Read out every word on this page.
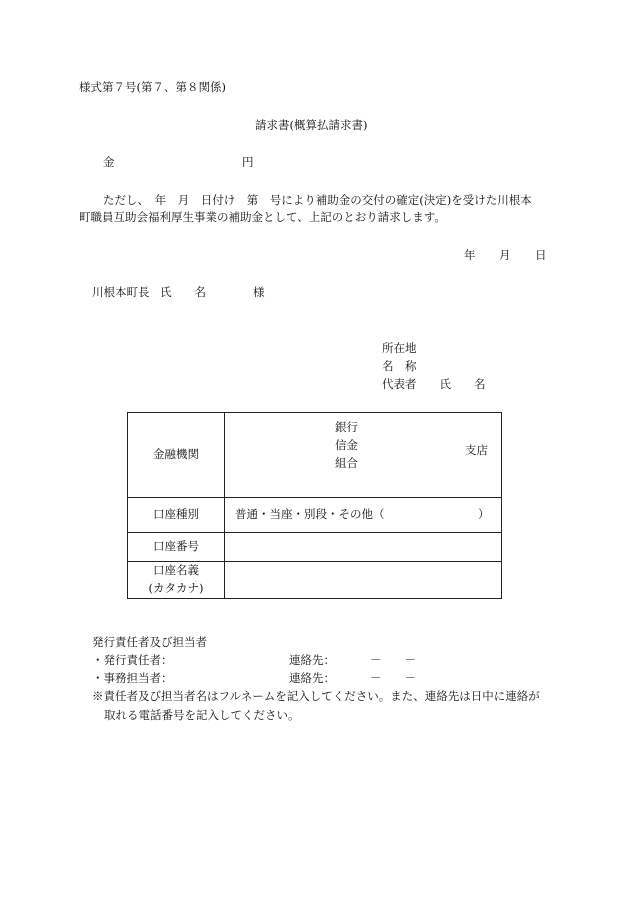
様式第７号(第７、第８関係)
請求書(概算払請求書)
金	円
ただし、　年　月　日付け　第　号により補助金の交付の確定(決定)を受けた川根本
町職員互助会福利厚生事業の補助金として、上記のとおり請求します。
年 月 日
川根本町長 氏　　名	様
所在地
名　称
代表者　　氏　　名
金融機関	銀行
信金
組合
支店

口座種別	普通・当座・別段・その他（ ）

口座番号	

口座名義
(カタカナ)	

発行責任者及び担当者
・発行責任者：	連絡先：	－　　－
・事務担当者：	連絡先：	－　　－
※責任者及び担当者名はフルネームを記入してください。また、連絡先は日中に連絡が
取れる電話番号を記入してください。
